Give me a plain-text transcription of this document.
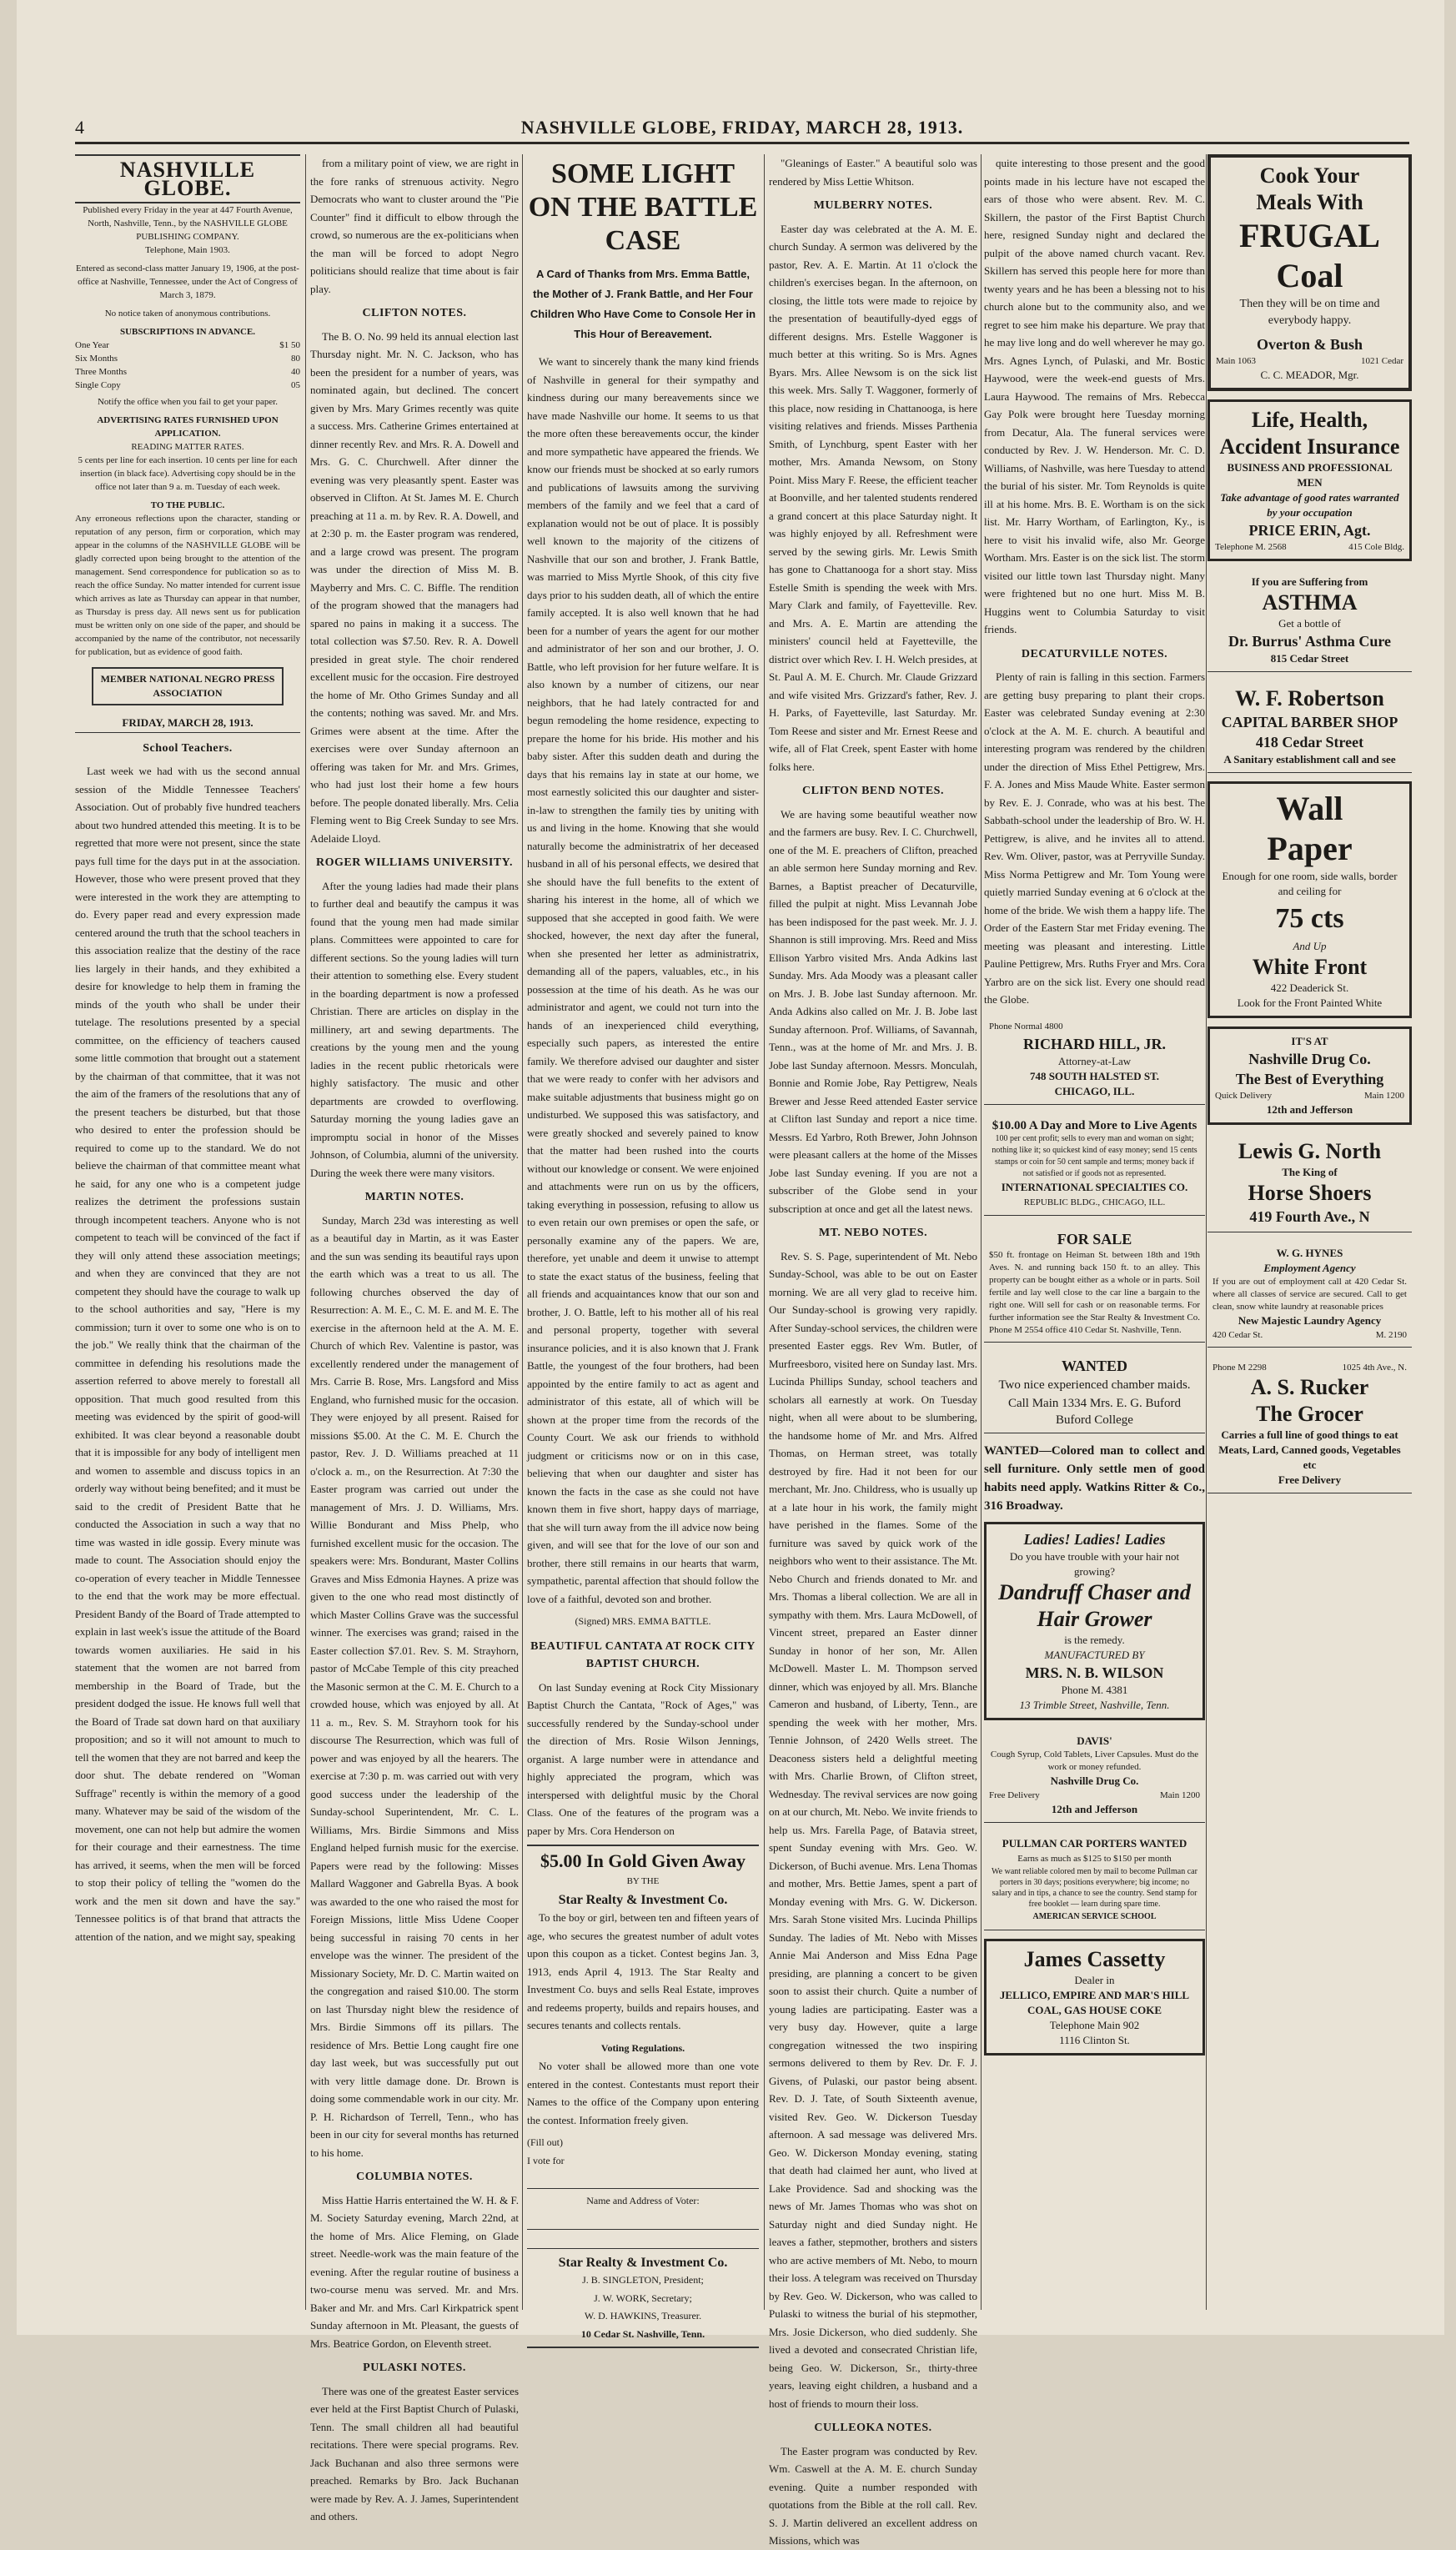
4	NASHVILLE GLOBE, FRIDAY, MARCH 28, 1913.
NASHVILLE GLOBE.
Published every Friday in the year at 447 Fourth Avenue, North, Nashville, Tenn., by the NASHVILLE GLOBE PUBLISHING COMPANY.
Telephone, Main 1903.
Entered as second-class matter January 19, 1906, at the post-office at Nashville, Tennessee, under the Act of Congress of March 3, 1879.
No notice taken of anonymous contributions.
SUBSCRIPTIONS IN ADVANCE.
One Year	$1 50
Six Months	80
Three Months	40
Single Copy	05
Notify the office when you fail to get your paper.
ADVERTISING RATES FURNISHED UPON APPLICATION.
READING MATTER RATES.
5 cents per line for each insertion. 10 cents per line for each insertion (in black face). Advertising copy should be in the office not later than 9 a. m. Tuesday of each week.
TO THE PUBLIC.
Any erroneous reflections upon the character, standing or reputation of any person, firm or corporation, which may appear in the columns of the NASHVILLE GLOBE will be gladly corrected upon being brought to the attention of the management. Send correspondence for publication so as to reach the office Sunday. No matter intended for current issue which arrives as late as Thursday can appear in that number, as Thursday is press day. All news sent us for publication must be written only on one side of the paper, and should be accompanied by the name of the contributor, not necessarily for publication, but as evidence of good faith.
MEMBER NATIONAL NEGRO PRESS ASSOCIATION
FRIDAY, MARCH 28, 1913.
School Teachers.

Last week we had with us the second annual session of the Middle Tennessee Teachers' Association. Out of probably five hundred teachers about two hundred attended this meeting. It is to be regretted that more were not present, since the state pays full time for the days put in at the association. However, those who were present proved that they were interested in the work they are attempting to do. Every paper read and every expression made centered around the truth that the school teachers in this association realize that the destiny of the race lies largely in their hands, and they exhibited a desire for knowledge to help them in framing the minds of the youth who shall be under their tutelage. The resolutions presented by a special committee, on the efficiency of teachers caused some little commotion that brought out a statement by the chairman of that committee, that it was not the aim of the framers of the resolutions that any of the present teachers be disturbed, but that those who desired to enter the profession should be required to come up to the standard. We do not believe the chairman of that committee meant what he said, for any one who is a competent judge realizes the detriment the professions sustain through incompetent teachers. Anyone who is not competent to teach will be convinced of the fact if they will only attend these association meetings; and when they are convinced that they are not competent they should have the courage to walk up to the school authorities and say, "Here is my commission; turn it over to some one who is on to the job." We really think that the chairman of the committee in defending his resolutions made the assertion referred to above merely to forestall all opposition. That much good resulted from this meeting was evidenced by the spirit of good-will exhibited. It was clear beyond a reasonable doubt that it is impossible for any body of intelligent men and women to assemble and discuss topics in an orderly way without being benefited; and it must be said to the credit of President Batte that he conducted the Association in such a way that no time was wasted in idle gossip. Every minute was made to count. The Association should enjoy the co-operation of every teacher in Middle Tennessee to the end that the work may be more effectual. President Bandy of the Board of Trade attempted to explain in last week's issue the attitude of the Board towards women auxiliaries. He said in his statement that the women are not barred from membership in the Board of Trade, but the president dodged the issue. He knows full well that the Board of Trade sat down hard on that auxiliary proposition; and so it will not amount to much to tell the women that they are not barred and keep the door shut. The debate rendered on "Woman Suffrage" recently is within the memory of a good many. Whatever may be said of the wisdom of the movement, one can not help but admire the women for their courage and their earnestness. The time has arrived, it seems, when the men will be forced to stop their policy of telling the "women do the work and the men sit down and have the say." Tennessee politics is of that brand that attracts the attention of the nation, and we might say, speaking

from a military point of view, we are right in the fore ranks of strenuous activity. Negro Democrats who want to cluster around the "Pie Counter" find it difficult to elbow through the crowd, so numerous are the ex-politicians when the man will be forced to adopt Negro politicians should realize that time about is fair play.

CLIFTON NOTES.

The B. O. No. 99 held its annual election last Thursday night. Mr. N. C. Jackson, who has been the president for a number of years, was nominated again, but declined. The concert given by Mrs. Mary Grimes recently was quite a success. Mrs. Catherine Grimes entertained at dinner recently Rev. and Mrs. R. A. Dowell and Mrs. G. C. Churchwell. After dinner the evening was very pleasantly spent. Easter was observed in Clifton. At St. James M. E. Church preaching at 11 a. m. by Rev. R. A. Dowell, and at 2:30 p. m. the Easter program was rendered, and a large crowd was present. The program was under the direction of Miss M. B. Mayberry and Mrs. C. C. Biffle. The rendition of the program showed that the managers had spared no pains in making it a success. The total collection was $7.50. Rev. R. A. Dowell presided in great style. The choir rendered excellent music for the occasion. Fire destroyed the home of Mr. Otho Grimes Sunday and all the contents; nothing was saved. Mr. and Mrs. Grimes were absent at the time. After the exercises were over Sunday afternoon an offering was taken for Mr. and Mrs. Grimes, who had just lost their home a few hours before. The people donated liberally. Mrs. Celia Fleming went to Big Creek Sunday to see Mrs. Adelaide Lloyd.

ROGER WILLIAMS UNIVERSITY.

After the young ladies had made their plans to further deal and beautify the campus it was found that the young men had made similar plans. Committees were appointed to care for different sections. So the young ladies will turn their attention to something else. Every student in the boarding department is now a professed Christian. There are articles on display in the millinery, art and sewing departments. The creations by the young men and the young ladies in the recent public rhetoricals were highly satisfactory. The music and other departments are crowded to overflowing. Saturday morning the young ladies gave an impromptu social in honor of the Misses Johnson, of Columbia, alumni of the university. During the week there were many visitors.

MARTIN NOTES.

Sunday, March 23d was interesting as well as a beautiful day in Martin, as it was Easter and the sun was sending its beautiful rays upon the earth which was a treat to us all. The following churches observed the day of Resurrection: A. M. E., C. M. E. and M. E. The exercise in the afternoon held at the A. M. E. Church of which Rev. Valentine is pastor, was excellently rendered under the management of Mrs. Carrie B. Rose, Mrs. Langsford and Miss England, who furnished music for the occasion. They were enjoyed by all present. Raised for missions $5.00. At the C. M. E. Church the pastor, Rev. J. D. Williams preached at 11 o'clock a. m., on the Resurrection. At 7:30 the Easter program was carried out under the management of Mrs. J. D. Williams, Mrs. Willie Bondurant and Miss Phelp, who furnished excellent music for the occasion. The speakers were: Mrs. Bondurant, Master Collins Graves and Miss Edmonia Haynes. A prize was given to the one who read most distinctly of which Master Collins Grave was the successful winner. The exercises was grand; raised in the Easter collection $7.01. Rev. S. M. Strayhorn, pastor of McCabe Temple of this city preached the Masonic sermon at the C. M. E. Church to a crowded house, which was enjoyed by all. At 11 a. m., Rev. S. M. Strayhorn took for his discourse The Resurrection, which was full of power and was enjoyed by all the hearers. The exercise at 7:30 p. m. was carried out with very good success under the leadership of the Sunday-school Superintendent, Mr. C. L. Williams, Mrs. Birdie Simmons and Miss England helped furnish music for the exercise. Papers were read by the following: Misses Mallard Waggoner and Gabrella Byas. A book was awarded to the one who raised the most for Foreign Missions, little Miss Udene Cooper being successful in raising 70 cents in her envelope was the winner. The president of the Missionary Society, Mr. D. C. Martin waited on the congregation and raised $10.00. The storm on last Thursday night blew the residence of Mrs. Birdie Simmons off its pillars. The residence of Mrs. Bettie Long caught fire one day last week, but was successfully put out with very little damage done. Dr. Brown is doing some commendable work in our city. Mr. P. H. Richardson of Terrell, Tenn., who has been in our city for several months has returned to his home.

COLUMBIA NOTES.

Miss Hattie Harris entertained the W. H. & F. M. Society Saturday evening, March 22nd, at the home of Mrs. Alice Fleming, on Glade street. Needle-work was the main feature of the evening. After the regular routine of business a two-course menu was served. Mr. and Mrs. Baker and Mr. and Mrs. Carl Kirkpatrick spent Sunday afternoon in Mt. Pleasant, the guests of Mrs. Beatrice Gordon, on Eleventh street.

PULASKI NOTES.

There was one of the greatest Easter services ever held at the First Baptist Church of Pulaski, Tenn. The small children all had beautiful recitations. There were special programs. Rev. Jack Buchanan and also three sermons were preached. Remarks by Bro. Jack Buchanan were made by Rev. A. J. James, Superintendent and others.

SOME LIGHT ON THE BATTLE CASE
A Card of Thanks from Mrs. Emma Battle, the Mother of J. Frank Battle, and Her Four Children Who Have Come to Console Her in This Hour of Bereavement.

We want to sincerely thank the many kind friends of Nashville in general for their sympathy and kindness during our many bereavements since we have made Nashville our home. It seems to us that the more often these bereavements occur, the kinder and more sympathetic have appeared the friends. We know our friends must be shocked at so early rumors and publications of lawsuits among the surviving members of the family and we feel that a card of explanation would not be out of place. It is possibly well known to the majority of the citizens of Nashville that our son and brother, J. Frank Battle, was married to Miss Myrtle Shook, of this city five days prior to his sudden death, all of which the entire family accepted. It is also well known that he had been for a number of years the agent for our mother and administrator of her son and our brother, J. O. Battle, who left provision for her future welfare. It is also known by a number of citizens, our near neighbors, that he had lately contracted for and begun remodeling the home residence, expecting to prepare the home for his bride. His mother and his baby sister. After this sudden death and during the days that his remains lay in state at our home, we most earnestly solicited this our daughter and sister-in-law to strengthen the family ties by uniting with us and living in the home. Knowing that she would naturally become the administratrix of her deceased husband in all of his personal effects, we desired that she should have the full benefits to the extent of sharing his interest in the home, all of which we supposed that she accepted in good faith. We were shocked, however, the next day after the funeral, when she presented her letter as administratrix, demanding all of the papers, valuables, etc., in his possession at the time of his death. As he was our administrator and agent, we could not turn into the hands of an inexperienced child everything, especially such papers, as interested the entire family. We therefore advised our daughter and sister that we were ready to confer with her advisors and make suitable adjustments that business might go on undisturbed. We supposed this was satisfactory, and were greatly shocked and severely pained to know that the matter had been rushed into the courts without our knowledge or consent. We were enjoined and attachments were run on us by the officers, taking everything in possession, refusing to allow us to even retain our own premises or open the safe, or personally examine any of the papers. We are, therefore, yet unable and deem it unwise to attempt to state the exact status of the business, feeling that all friends and acquaintances know that our son and brother, J. O. Battle, left to his mother all of his real and personal property, together with several insurance policies, and it is also known that J. Frank Battle, the youngest of the four brothers, had been appointed by the entire family to act as agent and administrator of this estate, all of which will be shown at the proper time from the records of the County Court. We ask our friends to withhold judgment or criticisms now or on in this case, believing that when our daughter and sister has known the facts in the case as she could not have known them in five short, happy days of marriage, that she will turn away from the ill advice now being given, and will see that for the love of our son and brother, there still remains in our hearts that warm, sympathetic, parental affection that should follow the love of a faithful, devoted son and brother.

(Signed) MRS. EMMA BATTLE.
BEAUTIFUL CANTATA AT ROCK CITY BAPTIST CHURCH.

On last Sunday evening at Rock City Missionary Baptist Church the Cantata, "Rock of Ages," was successfully rendered by the Sunday-school under the direction of Mrs. Rosie Wilson Jennings, organist. A large number were in attendance and highly appreciated the program, which was interspersed with delightful music by the Choral Class. One of the features of the program was a paper by Mrs. Cora Henderson on

$5.00 In Gold Given Away
BY THE
Star Realty & Investment Co.

To the boy or girl, between ten and fifteen years of age, who secures the greatest number of adult votes upon this coupon as a ticket. Contest begins Jan. 3, 1913, ends April 4, 1913. The Star Realty and Investment Co. buys and sells Real Estate, improves and redeems property, builds and repairs houses, and secures tenants and collects rentals.

Voting Regulations.

No voter shall be allowed more than one vote entered in the contest. Contestants must report their Names to the office of the Company upon entering the contest. Information freely given.

(Fill out)
I vote for
Name and Address of Voter:
Star Realty & Investment Co.
J. B. SINGLETON, President;
J. W. WORK, Secretary;
W. D. HAWKINS, Treasurer.
10 Cedar St. Nashville, Tenn.

"Gleanings of Easter." A beautiful solo was rendered by Miss Lettie Whitson.

MULBERRY NOTES.

Easter day was celebrated at the A. M. E. church Sunday. A sermon was delivered by the pastor, Rev. A. E. Martin. At 11 o'clock the children's exercises began. In the afternoon, on closing, the little tots were made to rejoice by the presentation of beautifully-dyed eggs of different designs. Mrs. Estelle Waggoner is much better at this writing. So is Mrs. Agnes Byars. Mrs. Allee Newsom is on the sick list this week. Mrs. Sally T. Waggoner, formerly of this place, now residing in Chattanooga, is here visiting relatives and friends. Misses Parthenia Smith, of Lynchburg, spent Easter with her mother, Mrs. Amanda Newsom, on Stony Point. Miss Mary F. Reese, the efficient teacher at Boonville, and her talented students rendered a grand concert at this place Saturday night. It was highly enjoyed by all. Refreshment were served by the sewing girls. Mr. Lewis Smith has gone to Chattanooga for a short stay. Miss Estelle Smith is spending the week with Mrs. Mary Clark and family, of Fayetteville. Rev. and Mrs. A. E. Martin are attending the ministers' council held at Fayetteville, the district over which Rev. I. H. Welch presides, at St. Paul A. M. E. Church. Mr. Claude Grizzard and wife visited Mrs. Grizzard's father, Rev. J. H. Parks, of Fayetteville, last Saturday. Mr. Tom Reese and sister and Mr. Ernest Reese and wife, all of Flat Creek, spent Easter with home folks here.

CLIFTON BEND NOTES.

We are having some beautiful weather now and the farmers are busy. Rev. I. C. Churchwell, one of the M. E. preachers of Clifton, preached an able sermon here Sunday morning and Rev. Barnes, a Baptist preacher of Decaturville, filled the pulpit at night. Miss Levannah Jobe has been indisposed for the past week. Mr. J. J. Shannon is still improving. Mrs. Reed and Miss Ellison Yarbro visited Mrs. Anda Adkins last Sunday. Mrs. Ada Moody was a pleasant caller on Mrs. J. B. Jobe last Sunday afternoon. Mr. Anda Adkins also called on Mr. J. B. Jobe last Sunday afternoon. Prof. Williams, of Savannah, Tenn., was at the home of Mr. and Mrs. J. B. Jobe last Sunday afternoon. Messrs. Monculah, Bonnie and Romie Jobe, Ray Pettigrew, Neals Brewer and Jesse Reed attended Easter service at Clifton last Sunday and report a nice time. Messrs. Ed Yarbro, Roth Brewer, John Johnson were pleasant callers at the home of the Misses Jobe last Sunday evening. If you are not a subscriber of the Globe send in your subscription at once and get all the latest news.

MT. NEBO NOTES.

Rev. S. S. Page, superintendent of Mt. Nebo Sunday-School, was able to be out on Easter morning. We are all very glad to receive him. Our Sunday-school is growing very rapidly. After Sunday-school services, the children were presented Easter eggs. Rev Wm. Butler, of Murfreesboro, visited here on Sunday last. Mrs. Lucinda Phillips Sunday, school teachers and scholars all earnestly at work. On Tuesday night, when all were about to be slumbering, the handsome home of Mr. and Mrs. Alfred Thomas, on Herman street, was totally destroyed by fire. Had it not been for our merchant, Mr. Jno. Childress, who is usually up at a late hour in his work, the family might have perished in the flames. Some of the furniture was saved by quick work of the neighbors who went to their assistance. The Mt. Nebo Church and friends donated to Mr. and Mrs. Thomas a liberal collection. We are all in sympathy with them. Mrs. Laura McDowell, of Vincent street, prepared an Easter dinner Sunday in honor of her son, Mr. Allen McDowell. Master L. M. Thompson served dinner, which was enjoyed by all. Mrs. Blanche Cameron and husband, of Liberty, Tenn., are spending the week with her mother, Mrs. Tennie Johnson, of 2420 Wells street. The Deaconess sisters held a delightful meeting with Mrs. Charlie Brown, of Clifton street, Wednesday. The revival services are now going on at our church, Mt. Nebo. We invite friends to help us. Mrs. Farella Page, of Batavia street, spent Sunday evening with Mrs. Geo. W. Dickerson, of Buchi avenue. Mrs. Lena Thomas and mother, Mrs. Bettie James, spent a part of Monday evening with Mrs. G. W. Dickerson. Mrs. Sarah Stone visited Mrs. Lucinda Phillips Sunday. The ladies of Mt. Nebo with Misses Annie Mai Anderson and Miss Edna Page presiding, are planning a concert to be given soon to assist their church. Quite a number of young ladies are participating. Easter was a very busy day. However, quite a large congregation witnessed the two inspiring sermons delivered to them by Rev. Dr. F. J. Givens, of Pulaski, our pastor being absent. Rev. D. J. Tate, of South Sixteenth avenue, visited Rev. Geo. W. Dickerson Tuesday afternoon. A sad message was delivered Mrs. Geo. W. Dickerson Monday evening, stating that death had claimed her aunt, who lived at Lake Providence. Sad and shocking was the news of Mr. James Thomas who was shot on Saturday night and died Sunday night. He leaves a father, stepmother, brothers and sisters who are active members of Mt. Nebo, to mourn their loss. A telegram was received on Thursday by Rev. Geo. W. Dickerson, who was called to Pulaski to witness the burial of his stepmother, Mrs. Josie Dickerson, who died suddenly. She lived a devoted and consecrated Christian life, being Geo. W. Dickerson, Sr., thirty-three years, leaving eight children, a husband and a host of friends to mourn their loss.

CULLEOKA NOTES.

The Easter program was conducted by Rev. Wm. Caswell at the A. M. E. church Sunday evening. Quite a number responded with quotations from the Bible at the roll call. Rev. S. J. Martin delivered an excellent address on Missions, which was

quite interesting to those present and the good points made in his lecture have not escaped the ears of those who were absent. Rev. M. C. Skillern, the pastor of the First Baptist Church here, resigned Sunday night and declared the pulpit of the above named church vacant. Rev. Skillern has served this people here for more than twenty years and he has been a blessing not to his church alone but to the community also, and we regret to see him make his departure. We pray that he may live long and do well wherever he may go. Mrs. Agnes Lynch, of Pulaski, and Mr. Bostic Haywood, were the week-end guests of Mrs. Laura Haywood. The remains of Mrs. Rebecca Gay Polk were brought here Tuesday morning from Decatur, Ala. The funeral services were conducted by Rev. J. W. Henderson. Mr. C. D. Williams, of Nashville, was here Tuesday to attend the burial of his sister. Mr. Tom Reynolds is quite ill at his home. Mrs. B. E. Wortham is on the sick list. Mr. Harry Wortham, of Earlington, Ky., is here to visit his invalid wife, also Mr. George Wortham. Mrs. Easter is on the sick list. The storm visited our little town last Thursday night. Many were frightened but no one hurt. Miss M. B. Huggins went to Columbia Saturday to visit friends.

DECATURVILLE NOTES.

Plenty of rain is falling in this section. Farmers are getting busy preparing to plant their crops. Easter was celebrated Sunday evening at 2:30 o'clock at the A. M. E. church. A beautiful and interesting program was rendered by the children under the direction of Miss Ethel Pettigrew, Mrs. F. A. Jones and Miss Maude White. Easter sermon by Rev. E. J. Conrade, who was at his best. The Sabbath-school under the leadership of Bro. W. H. Pettigrew, is alive, and he invites all to attend. Rev. Wm. Oliver, pastor, was at Perryville Sunday. Miss Norma Pettigrew and Mr. Tom Young were quietly married Sunday evening at 6 o'clock at the home of the bride. We wish them a happy life. The Order of the Eastern Star met Friday evening. The meeting was pleasant and interesting. Little Pauline Pettigrew, Mrs. Ruths Fryer and Mrs. Cora Yarbro are on the sick list. Every one should read the Globe.

Phone Normal 4800
RICHARD HILL, JR.
Attorney-at-Law
748 SOUTH HALSTED ST.
CHICAGO, ILL.
$10.00 A Day and More to Live Agents
100 per cent profit; sells to every man and woman on sight; nothing like it; so quickest kind of easy money; send 15 cents stamps or coin for 50 cent sample and terms; money back if not satisfied or if goods not as represented.
INTERNATIONAL SPECIALTIES CO.
REPUBLIC BLDG., CHICAGO, ILL.
FOR SALE
$50 ft. frontage on Heiman St. between 18th and 19th Aves. N. and running back 150 ft. to an alley. This property can be bought either as a whole or in parts. Soil fertile and lay well close to the car line a bargain to the right one. Will sell for cash or on reasonable terms. For further information see the Star Realty & Investment Co. Phone M 2554 office 410 Cedar St. Nashville, Tenn.
WANTED
Two nice experienced chamber maids. Call Main 1334 Mrs. E. G. Buford
Buford College
WANTED—Colored man to collect and sell furniture. Only settle men of good habits need apply. Watkins Ritter & Co., 316 Broadway.
Ladies! Ladies! Ladies
Do you have trouble with your hair not growing?
Dandruff Chaser and Hair Grower
is the remedy.
MANUFACTURED BY
MRS. N. B. WILSON
Phone M. 4381
13 Trimble Street, Nashville, Tenn.
DAVIS'
Cough Syrup, Cold Tablets, Liver Capsules. Must do the work or money refunded.
Nashville Drug Co.
Free Delivery	Main 1200
12th and Jefferson
PULLMAN CAR PORTERS WANTED
Earns as much as $125 to $150 per month
We want reliable colored men by mail to become Pullman car porters in 30 days; positions everywhere; big income; no salary and in tips, a chance to see the country. Send stamp for free booklet — learn during spare time.
AMERICAN SERVICE SCHOOL
James Cassetty
Dealer in
JELLICO, EMPIRE AND MAR'S HILL COAL, GAS HOUSE COKE
Telephone Main 902
1116 Clinton St.
Cook Your
Meals With
FRUGAL
Coal
Then they will be on time and everybody happy.
Overton & Bush
Main 1063	1021 Cedar
C. C. MEADOR, Mgr.
Life, Health, Accident Insurance
BUSINESS AND PROFESSIONAL MEN
Take advantage of good rates warranted by your occupation
PRICE ERIN, Agt.
Telephone M. 2568	415 Cole Bldg.
If you are Suffering from
ASTHMA
Get a bottle of
Dr. Burrus' Asthma Cure
815 Cedar Street
W. F. Robertson
CAPITAL BARBER SHOP
418 Cedar Street
A Sanitary establishment call and see
Wall
Paper
Enough for one room, side walls, border and ceiling for
75 cts
And Up
White Front
422 Deaderick St.
Look for the Front Painted White
IT'S AT
Nashville Drug Co.
The Best of Everything
Quick Delivery	Main 1200
12th and Jefferson
Lewis G. North
The King of
Horse Shoers
419 Fourth Ave., N
W. G. HYNES
Employment Agency
If you are out of employment call at 420 Cedar St. where all classes of service are secured. Call to get clean, snow white laundry at reasonable prices
New Majestic Laundry Agency
420 Cedar St.	M. 2190
Phone M 2298	1025 4th Ave., N.
A. S. Rucker
The Grocer
Carries a full line of good things to eat
Meats, Lard, Canned goods, Vegetables etc
Free Delivery
